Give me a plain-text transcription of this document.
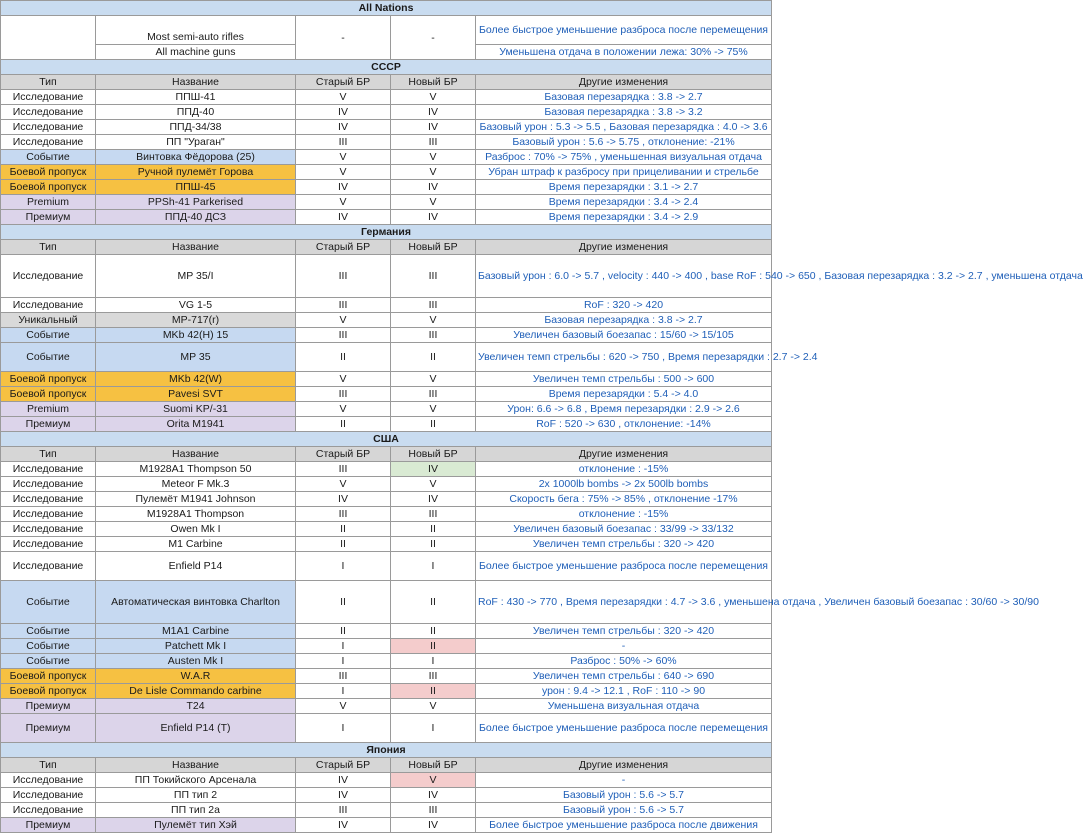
All Nations				
	Most semi-auto rifles	-	-	Более быстрое уменьшение разброса после перемещения
	All machine guns			Уменьшена отдача в положении лежа: 30% -> 75%
СССР				
Тип	Название	Старый БР	Новый БР	Другие изменения
Исследование	ППШ-41	V	V	Базовая перезарядка : 3.8 -> 2.7
Исследование	ППД-40	IV	IV	Базовая перезарядка : 3.8 -> 3.2
Исследование	ППД-34/38	IV	IV	Базовый урон : 5.3 -> 5.5 , Базовая перезарядка : 4.0 -> 3.6
Исследование	ПП "Ураган"	III	III	Базовый урон : 5.6 -> 5.75 , отклонение: -21%
Событие	Винтовка Фёдорова (25)	V	V	Разброс : 70% -> 75% , уменьшенная визуальная отдача
Боевой пропуск	Ручной пулемёт Горова	V	V	Убран штраф к разбросу при прицеливании и стрельбе
Боевой пропуск	ППШ-45	IV	IV	Время перезарядки : 3.1 -> 2.7
Premium	PPSh-41 Parkerised	V	V	Время перезарядки : 3.4 -> 2.4
Премиум	ППД-40 ДСЗ	IV	IV	Время перезарядки : 3.4 -> 2.9
Германия				
Тип	Название	Старый БР	Новый БР	Другие изменения
Исследование	MP 35/I	III	III	Базовый урон : 6.0 -> 5.7 , velocity : 440 -> 400 , base RoF : 540 -> 650 , Базовая перезарядка : 3.2 -> 2.7 , уменьшена отдача
Исследование	VG 1-5	III	III	RoF : 320 -> 420
Уникальный	MP-717(r)	V	V	Базовая перезарядка : 3.8 -> 2.7
Событие	MKb 42(H) 15	III	III	Увеличен базовый боезапас : 15/60 -> 15/105
Событие	MP 35	II	II	Увеличен темп стрельбы : 620 -> 750 , Время перезарядки : 2.7 -> 2.4
Боевой пропуск	MKb 42(W)	V	V	Увеличен темп стрельбы : 500 -> 600
Боевой пропуск	Pavesi SVT	III	III	Время перезарядки : 5.4 -> 4.0
Premium	Suomi KP/-31	V	V	Урон: 6.6 -> 6.8 , Время перезарядки : 2.9 -> 2.6
Премиум	Orita M1941	II	II	RoF : 520 -> 630 , отклонение: -14%
США				
Тип	Название	Старый БР	Новый БР	Другие изменения
Исследование	M1928A1 Thompson 50	III	IV	отклонение : -15%
Исследование	Meteor F Mk.3	V	V	2x 1000lb bombs -> 2x 500lb bombs
Исследование	Пулемёт M1941 Johnson	IV	IV	Скорость бега : 75% -> 85% , отклонение -17%
Исследование	M1928A1 Thompson	III	III	отклонение : -15%
Исследование	Owen Mk I	II	II	Увеличен базовый боезапас : 33/99 -> 33/132
Исследование	M1 Carbine	II	II	Увеличен темп стрельбы : 320 -> 420
Исследование	Enfield P14	I	I	Более быстрое уменьшение разброса после перемещения
Событие	Автоматическая винтовка Charlton	II	II	RoF : 430 -> 770 , Время перезарядки : 4.7 -> 3.6 , уменьшена отдача , Увеличен базовый боезапас : 30/60 -> 30/90
Событие	M1A1 Carbine	II	II	Увеличен темп стрельбы : 320 -> 420
Событие	Patchett Mk I	I	II	-
Событие	Austen Mk I	I	I	Разброс : 50% -> 60%
Боевой пропуск	W.A.R	III	III	Увеличен темп стрельбы : 640 -> 690
Боевой пропуск	De Lisle Commando carbine	I	II	урон : 9.4 -> 12.1 , RoF : 110 -> 90
Премиум	T24	V	V	Уменьшена визуальная отдача
Премиум	Enfield P14 (T)	I	I	Более быстрое уменьшение разброса после перемещения
Япония				
Тип	Название	Старый БР	Новый БР	Другие изменения
Исследование	ПП Токийского Арсенала	IV	V	-
Исследование	ПП тип 2	IV	IV	Базовый урон : 5.6 -> 5.7
Исследование	ПП тип 2а	III	III	Базовый урон : 5.6 -> 5.7
Премиум	Пулемёт тип Хэй	IV	IV	Более быстрое уменьшение разброса после движения
